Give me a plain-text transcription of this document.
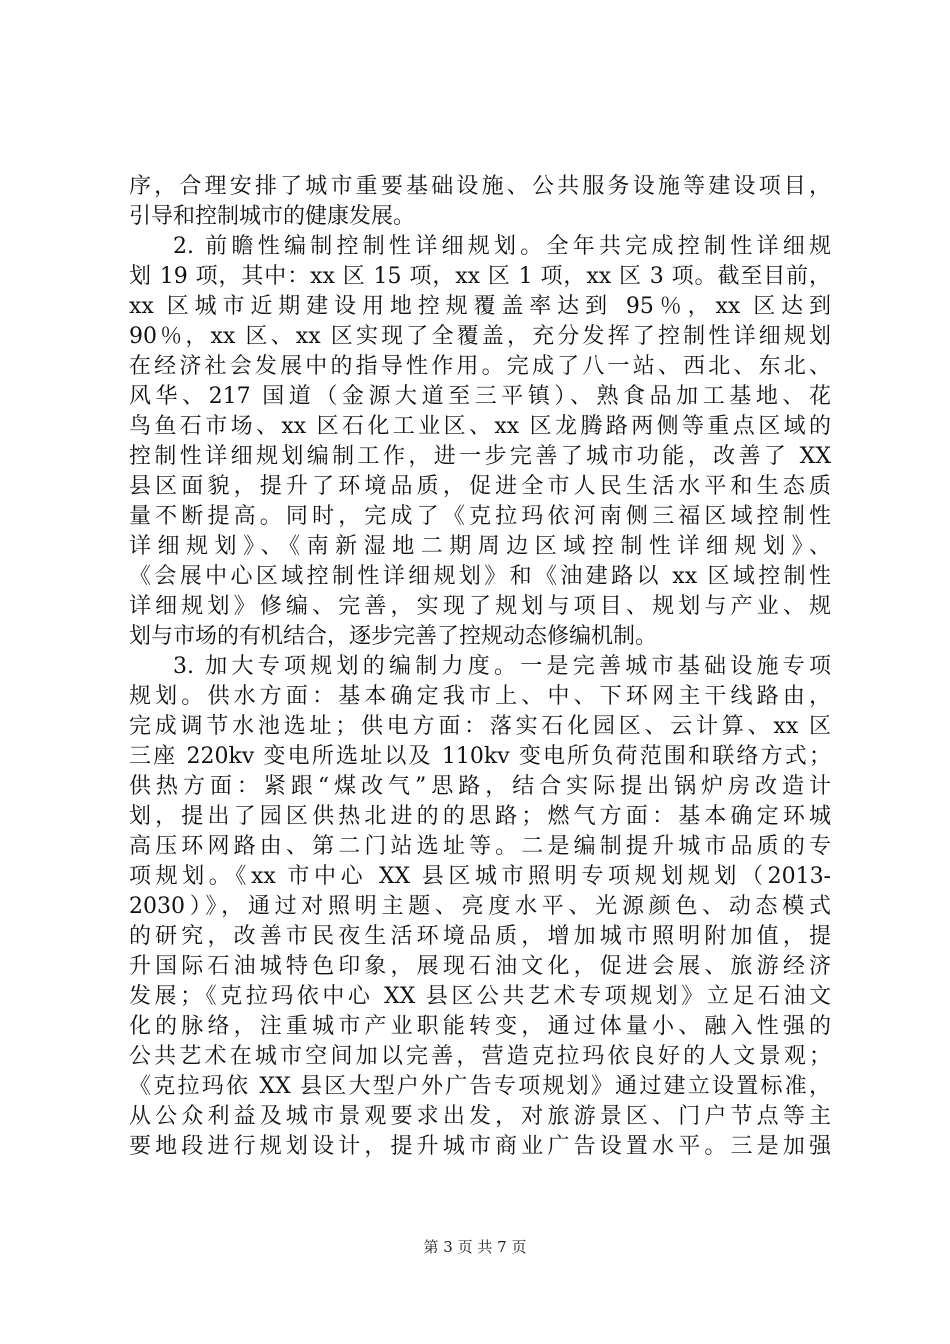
序，合理安排了城市重要基础设施、公共服务设施等建设项目，
引导和控制城市的健康发展。
2. 前瞻性编制控制性详细规划。全年共完成控制性详细规
划 19 项，其中：xx 区 15 项，xx 区 1 项，xx 区 3 项。截至目前，
xx 区城市近期建设用地控规覆盖率达到 95％，xx 区达到
90％，xx 区、xx 区实现了全覆盖，充分发挥了控制性详细规划
在经济社会发展中的指导性作用。完成了八一站、西北、东北、
风华、217 国道（金源大道至三平镇）、熟食品加工基地、花
鸟鱼石市场、xx 区石化工业区、xx 区龙腾路两侧等重点区域的
控制性详细规划编制工作，进一步完善了城市功能，改善了 XX
县区面貌，提升了环境品质，促进全市人民生活水平和生态质
量不断提高。同时，完成了《克拉玛依河南侧三福区域控制性
详细规划》、《南新湿地二期周边区域控制性详细规划》、
《会展中心区域控制性详细规划》和《油建路以 xx 区域控制性
详细规划》修编、完善，实现了规划与项目、规划与产业、规
划与市场的有机结合，逐步完善了控规动态修编机制。
3. 加大专项规划的编制力度。一是完善城市基础设施专项
规划。供水方面：基本确定我市上、中、下环网主干线路由，
完成调节水池选址；供电方面：落实石化园区、云计算、xx 区
三座 220kv 变电所选址以及 110kv 变电所负荷范围和联络方式；
供热方面：紧跟“煤改气”思路，结合实际提出锅炉房改造计
划，提出了园区供热北进的的思路；燃气方面：基本确定环城
高压环网路由、第二门站选址等。二是编制提升城市品质的专
项规划。《xx 市中心 XX 县区城市照明专项规划规划（2013-
2030）》，通过对照明主题、亮度水平、光源颜色、动态模式
的研究，改善市民夜生活环境品质，增加城市照明附加值，提
升国际石油城特色印象，展现石油文化，促进会展、旅游经济
发展；《克拉玛依中心 XX 县区公共艺术专项规划》立足石油文
化的脉络，注重城市产业职能转变，通过体量小、融入性强的
公共艺术在城市空间加以完善，营造克拉玛依良好的人文景观；
《克拉玛依 XX 县区大型户外广告专项规划》通过建立设置标准，
从公众利益及城市景观要求出发，对旅游景区、门户节点等主
要地段进行规划设计，提升城市商业广告设置水平。三是加强
第 3 页 共 7 页
